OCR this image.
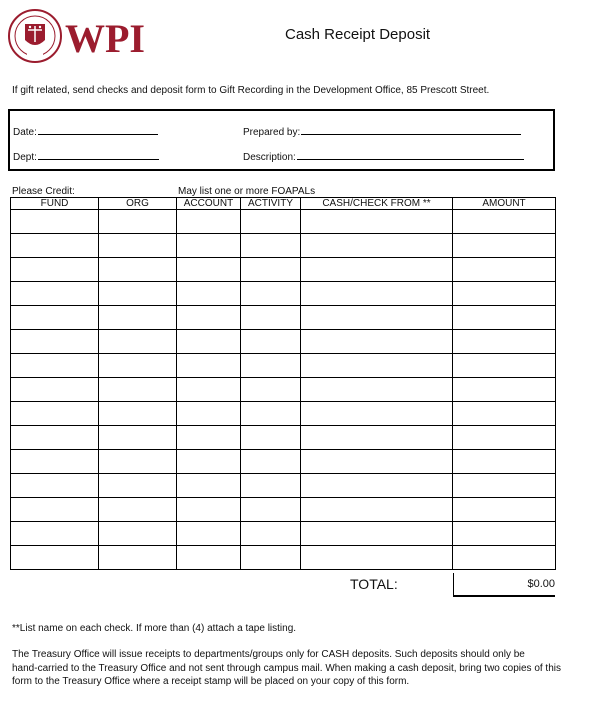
WPI	Cash Receipt Deposit
If gift related, send checks and deposit form to Gift Recording in the Development Office, 85 Prescott Street.
Date:
Dept:
Prepared by:
Description:
Please Credit:	May list one or more FOAPALs
FUND	ORG	ACCOUNT	ACTIVITY	CASH/CHECK FROM **	AMOUNT

TOTAL:	$0.00
**List name on each check. If more than (4) attach a tape listing.
The Treasury Office will issue receipts to departments/groups only for CASH deposits. Such deposits should only be
hand-carried to the Treasury Office and not sent through campus mail. When making a cash deposit, bring two copies of this
form to the Treasury Office where a receipt stamp will be placed on your copy of this form.
